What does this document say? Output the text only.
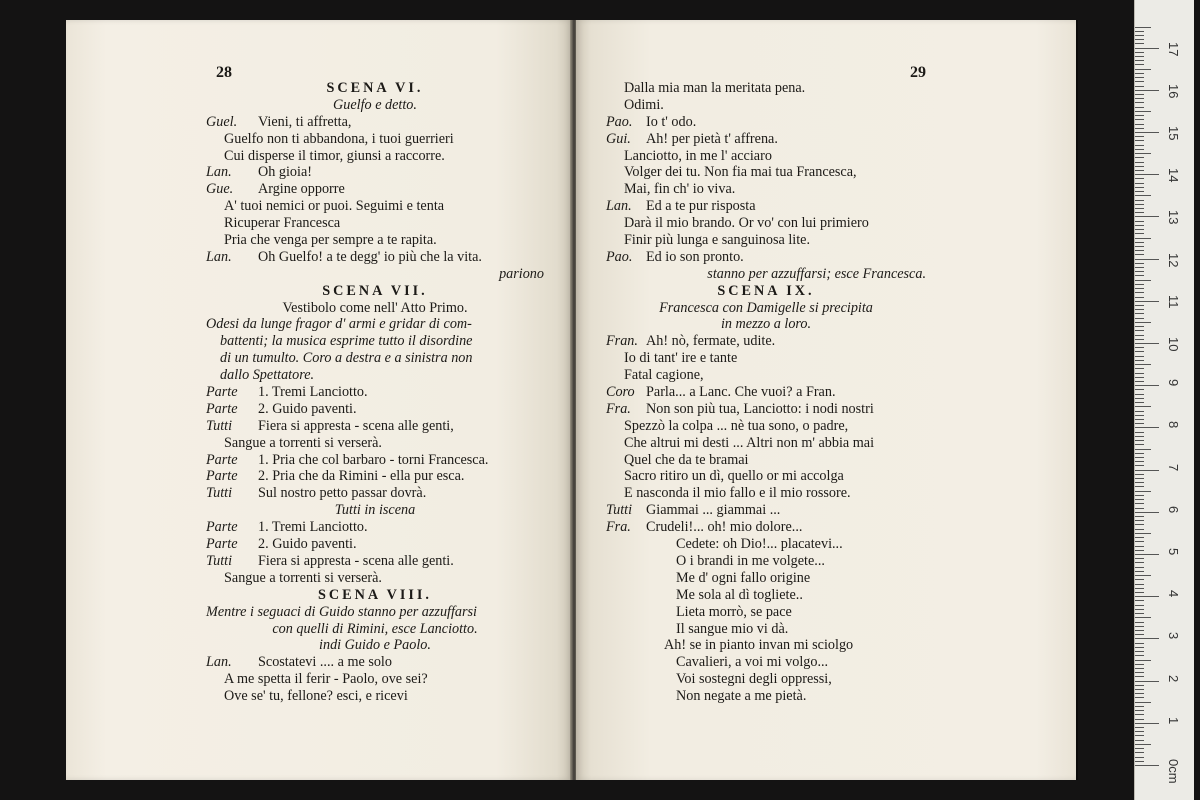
28
SCENA VI.
Guelfo e detto.
Guel. Vieni, ti affretta,
Guelfo non ti abbandona, i tuoi guerrieri
Cui disperse il timor, giunsi a raccorre.
Lan. Oh gioia!
Gue. Argine opporre
A' tuoi nemici or puoi. Seguimi e tenta
Ricuperar Francesca
Pria che venga per sempre a te rapita.
Lan. Oh Guelfo! a te degg' io più che la vita.
pariono
SCENA VII.
Vestibolo come nell' Atto Primo.
Odesi da lunge fragor d' armi e gridar di com-
battenti; la musica esprime tutto il disordine
di un tumulto. Coro a destra e a sinistra non
dallo Spettatore.
Parte 1. Tremi Lanciotto.
Parte 2. Guido paventi.
Tutti Fiera si appresta - scena alle genti,
Sangue a torrenti si verserà.
Parte 1. Pria che col barbaro - torni Francesca.
Parte 2. Pria che da Rimini - ella pur esca.
Tutti Sul nostro petto passar dovrà.
Tutti in iscena
Parte 1. Tremi Lanciotto.
Parte 2. Guido paventi.
Tutti Fiera si appresta - scena alle genti.
Sangue a torrenti si verserà.
SCENA VIII.
Mentre i seguaci di Guido stanno per azzuffarsi
con quelli di Rimini, esce Lanciotto.
indi Guido e Paolo.
Lan. Scostatevi .... a me solo
A me spetta il ferir - Paolo, ove sei?
Ove se' tu, fellone? esci, e ricevi
29
Dalla mia man la meritata pena.
Odimi.
Pao. Io t' odo.
Gui. Ah! per pietà t' affrena.
Lanciotto, in me l' acciaro
Volger dei tu. Non fia mai tua Francesca,
Mai, fin ch' io viva.
Lan. Ed a te pur risposta
Darà il mio brando. Or vo' con lui primiero
Finir più lunga e sanguinosa lite.
Pao. Ed io son pronto.
stanno per azzuffarsi; esce Francesca.
SCENA IX.
Francesca con Damigelle si precipita
in mezzo a loro.
Fran. Ah! nò, fermate, udite.
Io di tant' ire e tante
Fatal cagione,
Coro Parla... a Lanc. Che vuoi? a Fran.
Fra. Non son più tua, Lanciotto: i nodi nostri
Spezzò la colpa ... nè tua sono, o padre,
Che altrui mi desti ... Altri non m' abbia mai
Quel che da te bramai
Sacro ritiro un dì, quello or mi accolga
E nasconda il mio fallo e il mio rossore.
Tutti Giammai ... giammai ...
Fra. Crudeli!... oh! mio dolore...
Cedete: oh Dio!... placatevi...
O i brandi in me volgete...
Me d' ogni fallo origine
Me sola al dì togliete..
Lieta morrò, se pace
Il sangue mio vi dà.
Ah! se in pianto invan mi sciolgo
Cavalieri, a voi mi volgo...
Voi sostegni degli oppressi,
Non negate a me pietà.
0cm
1
2
3
4
5
6
7
8
9
10
11
12
13
14
15
16
17
